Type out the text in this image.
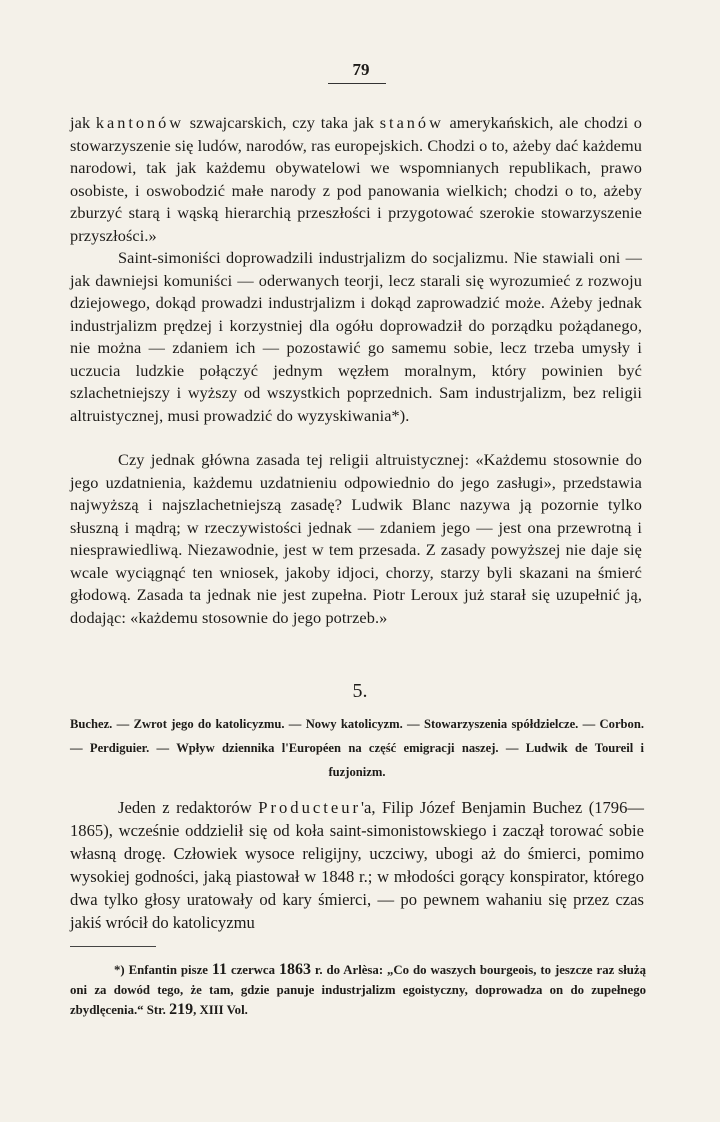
79

jak kantonów szwajcarskich, czy taka jak stanów amerykańskich, ale chodzi o stowarzyszenie się ludów, narodów, ras europejskich. Chodzi o to, ażeby dać każdemu narodowi, tak jak każdemu obywatelowi we wspomnianych republikach, prawo osobiste, i oswobodzić małe narody z pod panowania wielkich; chodzi o to, ażeby zburzyć starą i wąską hierarchią przeszłości i przygotować szerokie stowarzyszenie przyszłości.»

Saint-simoniści doprowadzili industrjalizm do socjalizmu. Nie stawiali oni — jak dawniejsi komuniści — oderwanych teorji, lecz starali się wyrozumieć z rozwoju dziejowego, dokąd prowadzi industrjalizm i dokąd zaprowadzić może. Ażeby jednak industrjalizm prędzej i korzystniej dla ogółu doprowadził do porządku pożądanego, nie można — zdaniem ich — pozostawić go samemu sobie, lecz trzeba umysły i uczucia ludzkie połączyć jednym węzłem moralnym, który powinien być szlachetniejszy i wyższy od wszystkich poprzednich. Sam industrjalizm, bez religii altruistycznej, musi prowadzić do wyzyskiwania*).
Czy jednak główna zasada tej religii altruistycznej: «Każdemu stosownie do jego uzdatnienia, każdemu uzdatnieniu odpowiednio do jego zasługi», przedstawia najwyższą i najszlachetniejszą zasadę? Ludwik Blanc nazywa ją pozornie tylko słuszną i mądrą; w rzeczywistości jednak — zdaniem jego — jest ona przewrotną i niesprawiedliwą. Niezawodnie, jest w tem przesada. Z zasady powyższej nie daje się wcale wyciągnąć ten wniosek, jakoby idjoci, chorzy, starzy byli skazani na śmierć głodową. Zasada ta jednak nie jest zupełna. Piotr Leroux już starał się uzupełnić ją, dodając: «każdemu stosownie do jego potrzeb.»
5.
Buchez. — Zwrot jego do katolicyzmu. — Nowy katolicyzm. — Stowarzyszenia spółdzielcze. — Corbon. — Perdiguier. — Wpływ dziennika l'Européen na część emigracji naszej. — Ludwik de Toureil i fuzjonizm.
Jeden z redaktorów Producteur'a, Filip Józef Benjamin Buchez (1796—1865), wcześnie oddzielił się od koła saint-simonistowskiego i zaczął torować sobie własną drogę. Człowiek wysoce religijny, uczciwy, ubogi aż do śmierci, pomimo wysokiej godności, jaką piastował w 1848 r.; w młodości gorący konspirator, którego dwa tylko głosy uratowały od kary śmierci, — po pewnem wahaniu się przez czas jakiś wrócił do katolicyzmu
*) Enfantin pisze 11 czerwca 1863 r. do Arlèsa: „Co do waszych bourgeois, to jeszcze raz służą oni za dowód tego, że tam, gdzie panuje industrjalizm egoistyczny, doprowadza on do zupełnego zbydlęcenia.“ Str. 219, XIII Vol.
